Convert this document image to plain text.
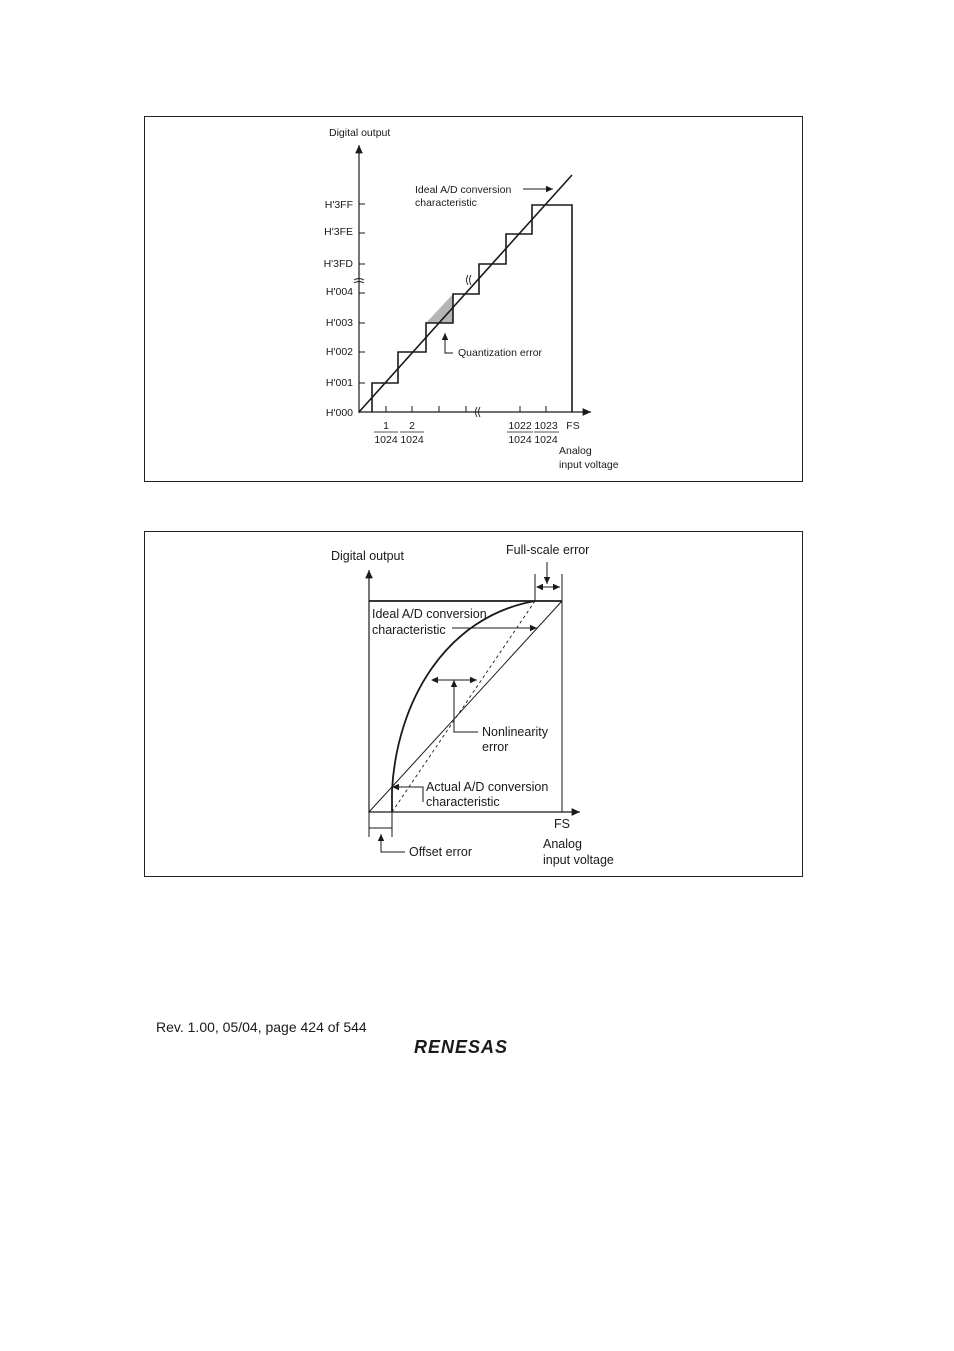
Digital output
H'3FF
H'3FE
H'3FD
H'004
H'003
H'002
H'001
H'000
Ideal A/D conversion
characteristic
Quantization error
1
1024
2
1024
1022
1024
1023
1024
FS
Analog
input voltage
Offset error
Full-scale error
Digital output
Ideal A/D conversion
characteristic
Nonlinearity
error
Actual A/D conversion
characteristic
FS
Analog
input voltage
Rev. 1.00, 05/04, page 424 of 544
RENESAS
